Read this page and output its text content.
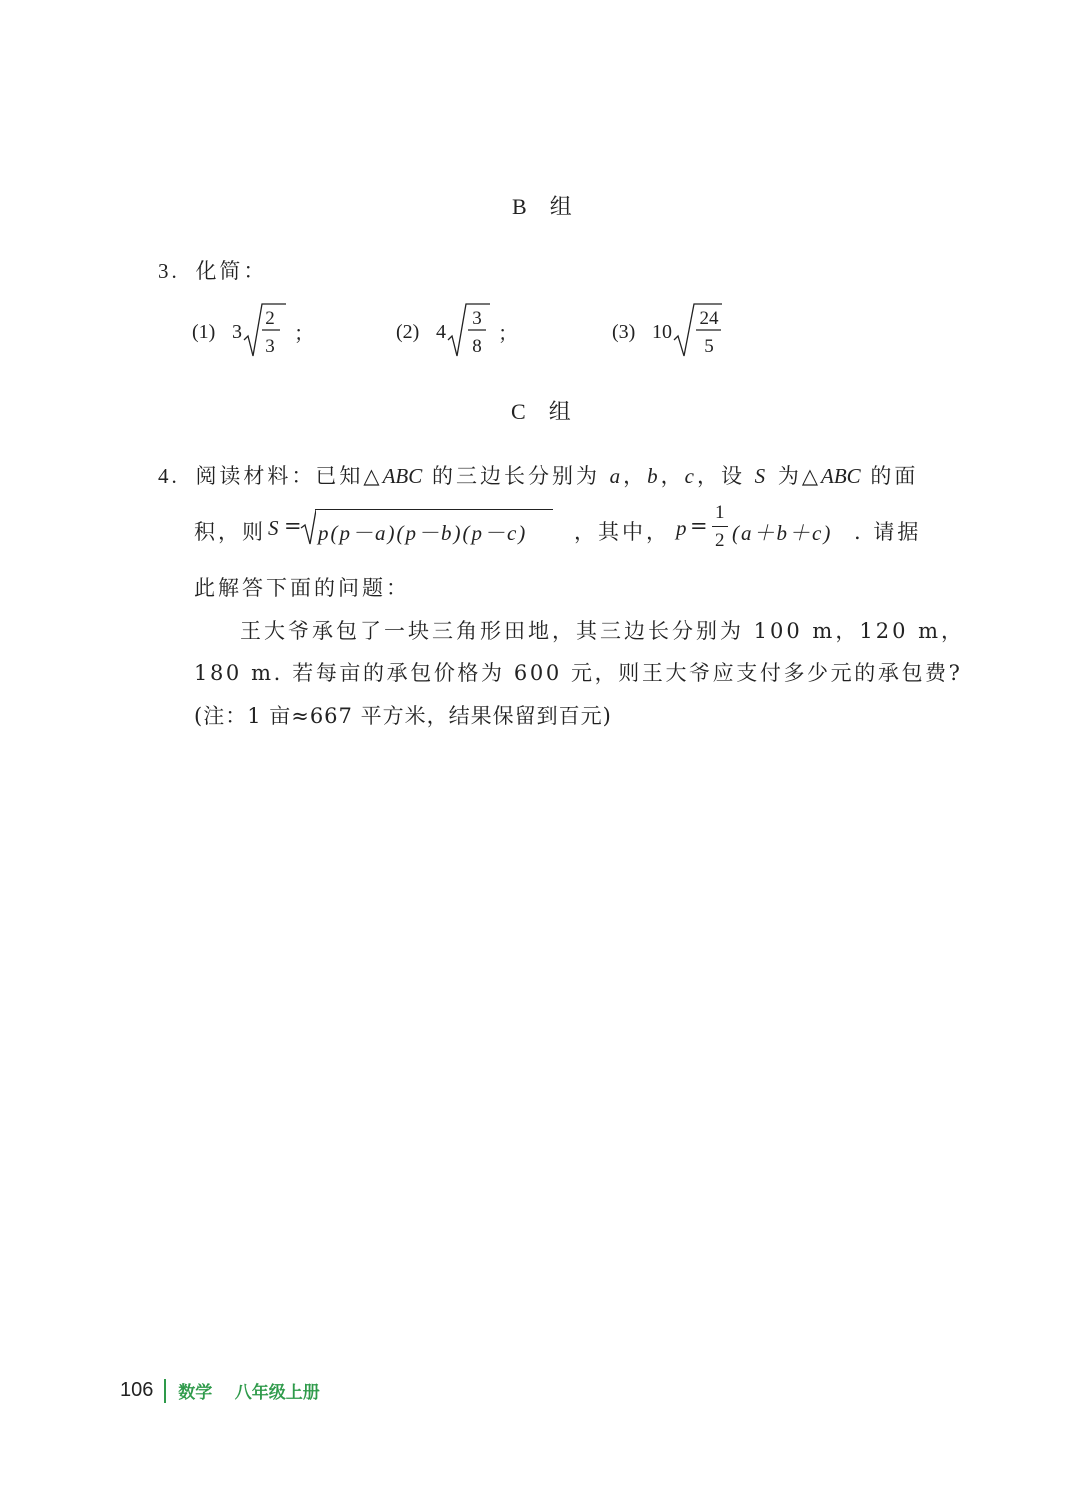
B 组
3. 化简：
(1) 3
2
3
；	(2) 4
3
8
；	(3) 10
24
5
C 组
4. 阅读材料：已知△ABC 的三边长分别为 a，b，c，设 S 为△ABC 的面
积，则 S = p(p－a)(p－b)(p－c) ，其中， p =
1
2 (a＋b＋c) . 请据
此解答下面的问题：
王大爷承包了一块三角形田地，其三边长分别为 100 m，120 m，
180 m. 若每亩的承包价格为 600 元，则王大爷应支付多少元的承包费?
(注：1 亩≈667 平方米，结果保留到百元)
106 数学 八年级上册
